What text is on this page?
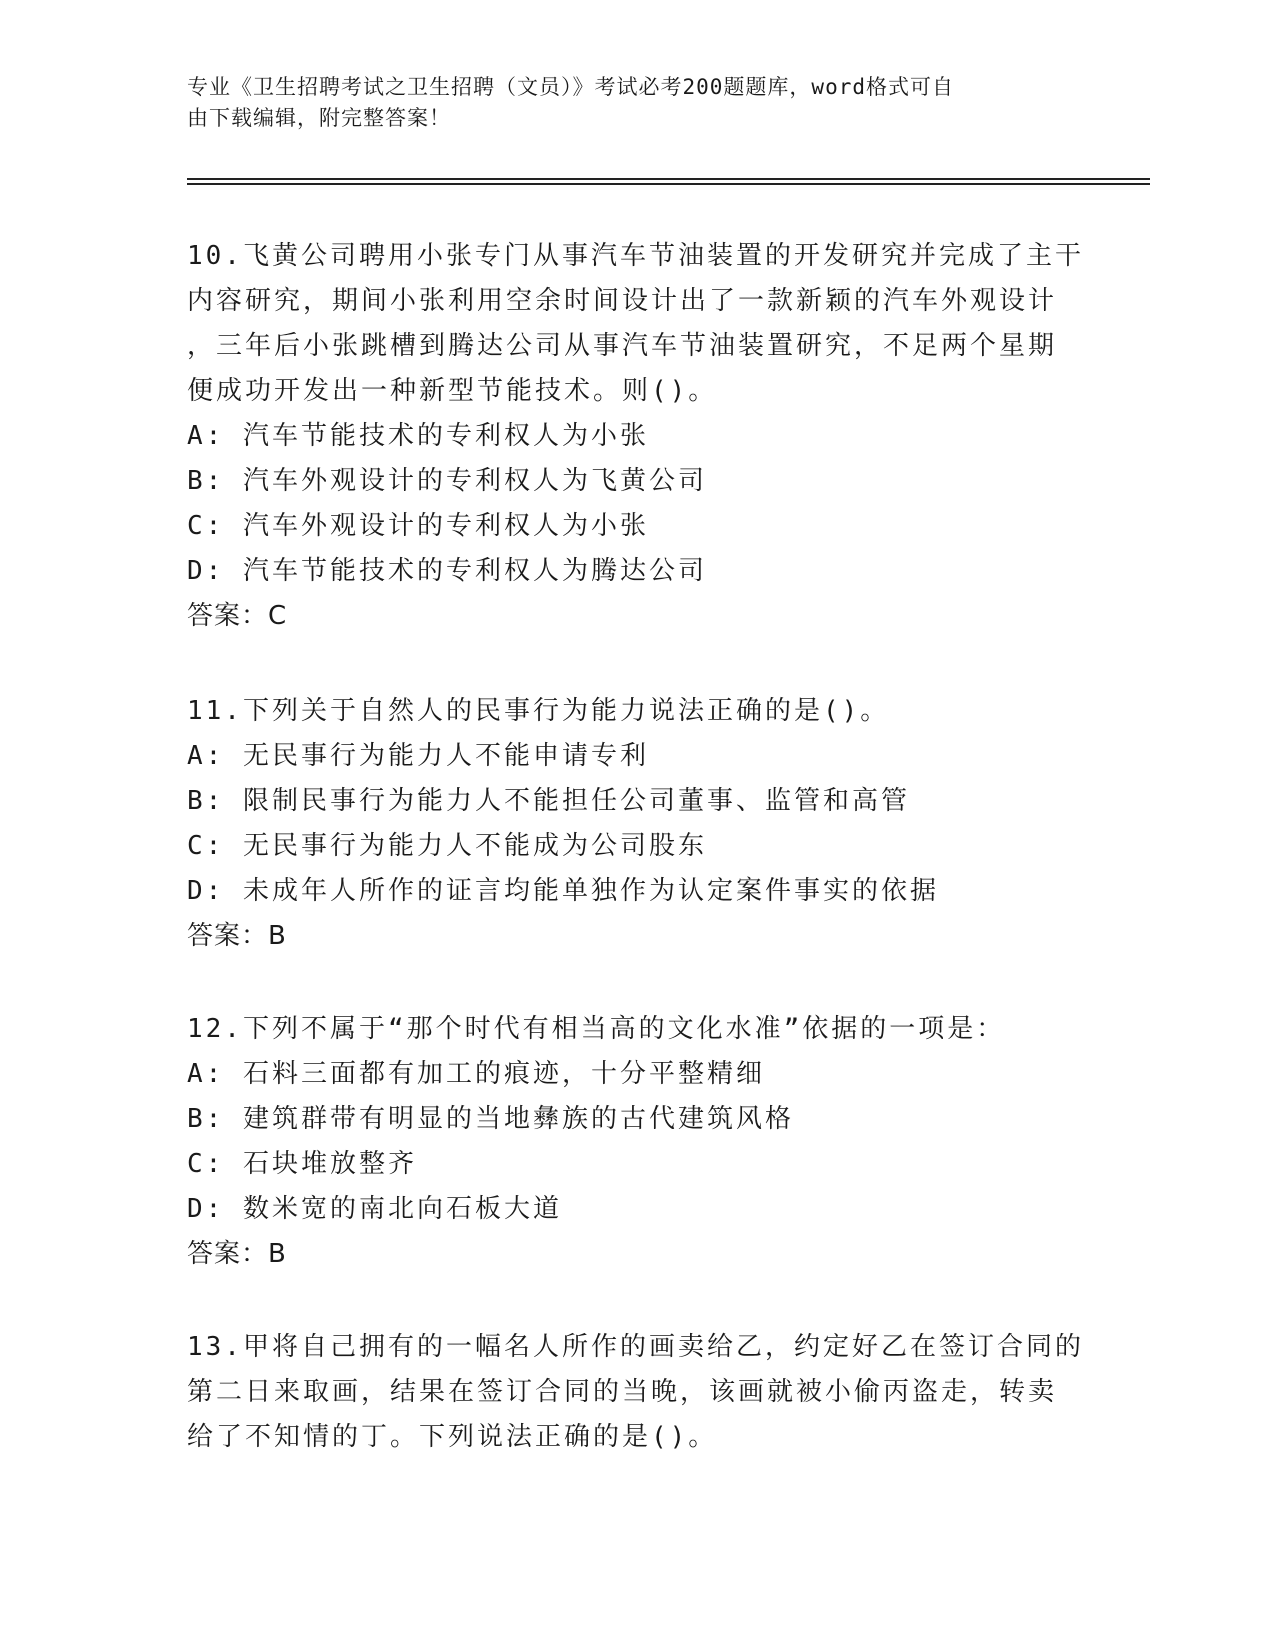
专业《卫生招聘考试之卫生招聘（文员）》考试必考200题题库，word格式可自
由下载编辑，附完整答案！
10.飞黄公司聘用小张专门从事汽车节油装置的开发研究并完成了主干
内容研究，期间小张利用空余时间设计出了一款新颖的汽车外观设计
，三年后小张跳槽到腾达公司从事汽车节油装置研究，不足两个星期
便成功开发出一种新型节能技术。则()。
A: 汽车节能技术的专利权人为小张
B: 汽车外观设计的专利权人为飞黄公司
C: 汽车外观设计的专利权人为小张
D: 汽车节能技术的专利权人为腾达公司
答案：C
11.下列关于自然人的民事行为能力说法正确的是()。
A: 无民事行为能力人不能申请专利
B: 限制民事行为能力人不能担任公司董事、监管和高管
C: 无民事行为能力人不能成为公司股东
D: 未成年人所作的证言均能单独作为认定案件事实的依据
答案：B
12.下列不属于“那个时代有相当高的文化水准”依据的一项是：
A: 石料三面都有加工的痕迹，十分平整精细
B: 建筑群带有明显的当地彝族的古代建筑风格
C: 石块堆放整齐
D: 数米宽的南北向石板大道
答案：B
13.甲将自己拥有的一幅名人所作的画卖给乙，约定好乙在签订合同的
第二日来取画，结果在签订合同的当晚，该画就被小偷丙盗走，转卖
给了不知情的丁。下列说法正确的是()。
